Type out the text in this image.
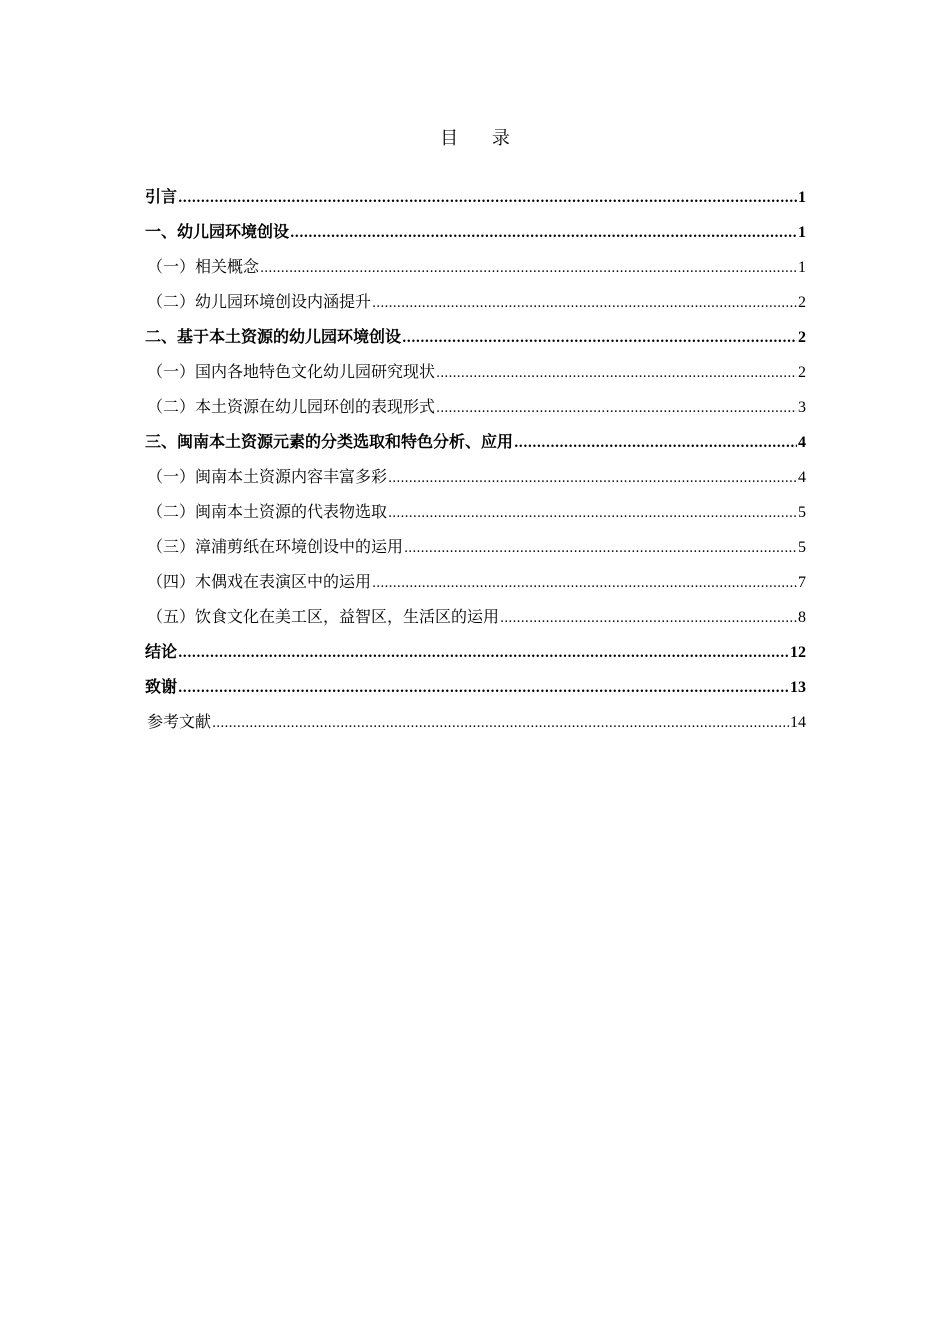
目 录
引言 .....	1
一、幼儿园环境创设 .....	1
（一）相关概念 .....	1
（二）幼儿园环境创设内涵提升 .....	2
二、基于本土资源的幼儿园环境创设 .....	2
（一）国内各地特色文化幼儿园研究现状 .....	2
（二）本土资源在幼儿园环创的表现形式 .....	3
三、闽南本土资源元素的分类选取和特色分析、应用 .....	4
（一）闽南本土资源内容丰富多彩 .....	4
（二）闽南本土资源的代表物选取 .....	5
（三）漳浦剪纸在环境创设中的运用 .....	5
（四）木偶戏在表演区中的运用 .....	7
（五）饮食文化在美工区，益智区，生活区的运用 .....	8
结论 .....	12
致谢 .....	13
参考文献 .....	14
